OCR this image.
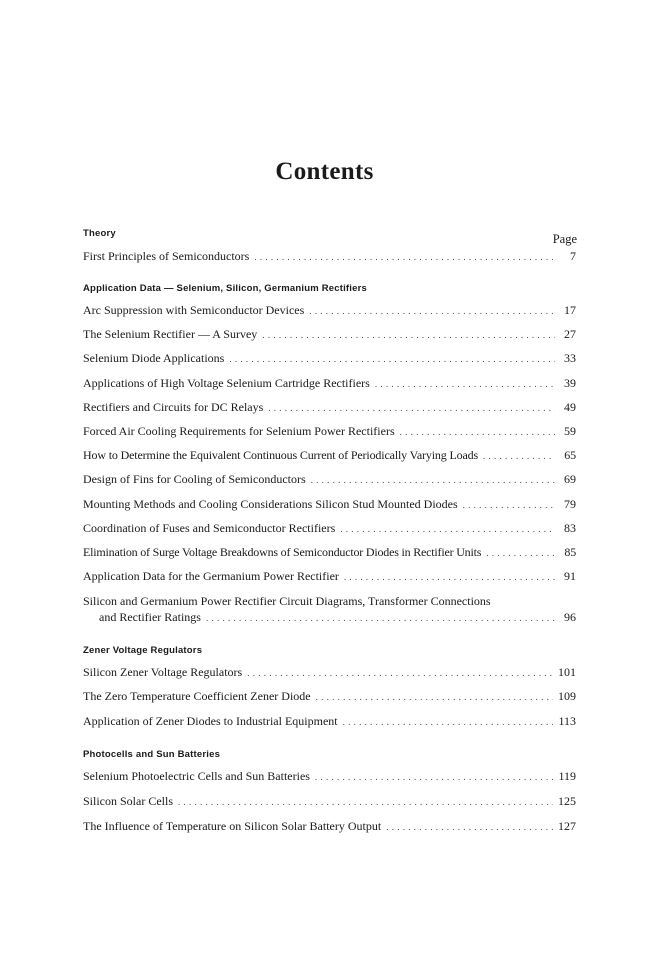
Contents
Page
Theory
First Principles of Semiconductors . . .	7
Application Data — Selenium, Silicon, Germanium Rectifiers
Arc Suppression with Semiconductor Devices . . .	17
The Selenium Rectifier — A Survey . . .	27
Selenium Diode Applications . . .	33
Applications of High Voltage Selenium Cartridge Rectifiers . . .	39
Rectifiers and Circuits for DC Relays . . .	49
Forced Air Cooling Requirements for Selenium Power Rectifiers . . .	59
How to Determine the Equivalent Continuous Current of Periodically Varying Loads . . .	65
Design of Fins for Cooling of Semiconductors . . .	69
Mounting Methods and Cooling Considerations Silicon Stud Mounted Diodes . . .	79
Coordination of Fuses and Semiconductor Rectifiers . . .	83
Elimination of Surge Voltage Breakdowns of Semiconductor Diodes in Rectifier Units . . .	85
Application Data for the Germanium Power Rectifier . . .	91
Silicon and Germanium Power Rectifier Circuit Diagrams, Transformer Connections
and Rectifier Ratings . . .	96
Zener Voltage Regulators
Silicon Zener Voltage Regulators . . .	101
The Zero Temperature Coefficient Zener Diode . . .	109
Application of Zener Diodes to Industrial Equipment . . .	113
Photocells and Sun Batteries
Selenium Photoelectric Cells and Sun Batteries . . .	119
Silicon Solar Cells . . .	125
The Influence of Temperature on Silicon Solar Battery Output . . .	127
